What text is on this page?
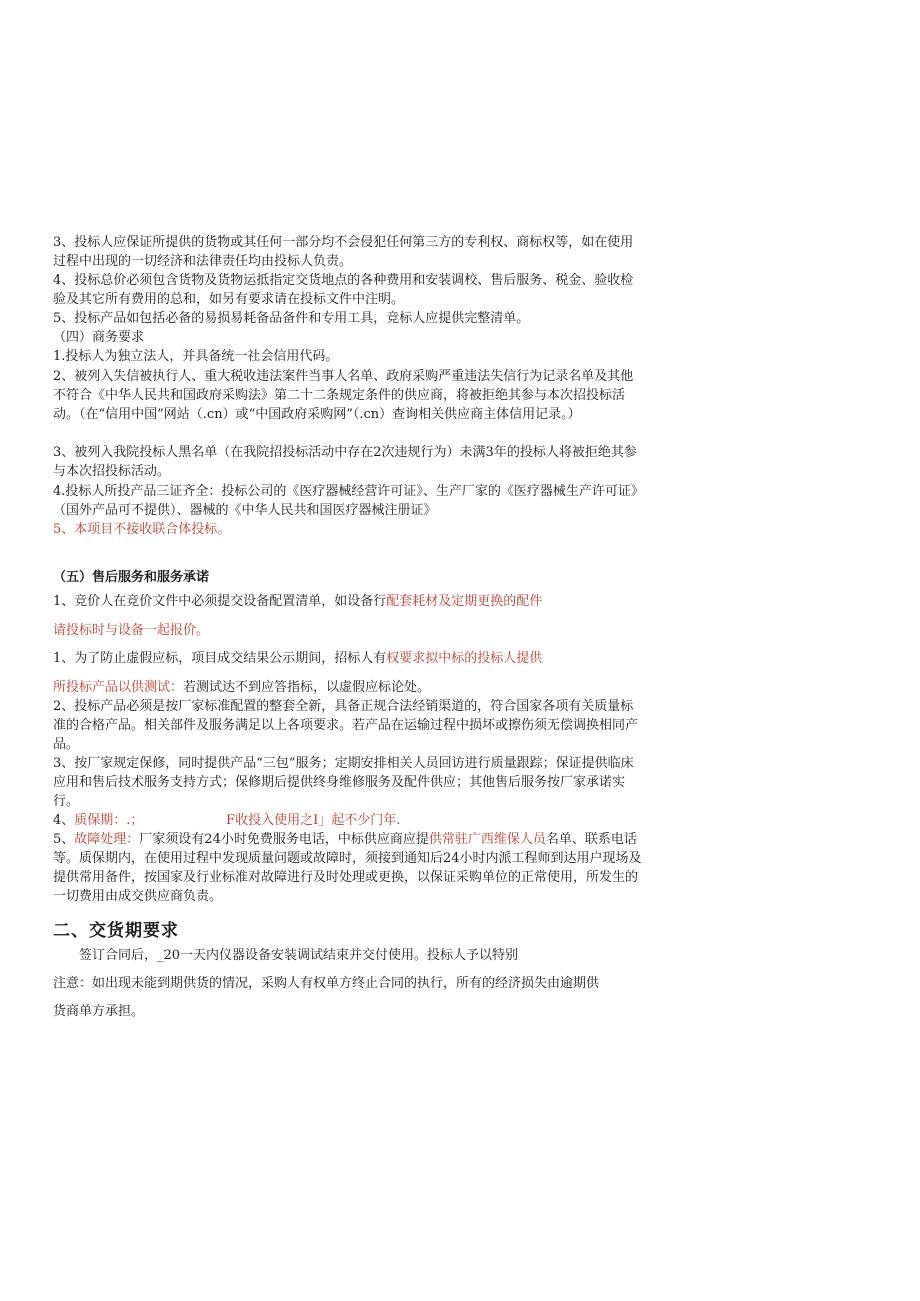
3、投标人应保证所提供的货物或其任何一部分均不会侵犯任何第三方的专利权、商标权等，如在使用过程中出现的一切经济和法律责任均由投标人负责。

4、投标总价必须包含货物及货物运抵指定交货地点的各种费用和安装调校、售后服务、税金、验收检验及其它所有费用的总和，如另有要求请在投标文件中注明。

5、投标产品如包括必备的易损易耗备品备件和专用工具，竞标人应提供完整清单。

（四）商务要求

1.投标人为独立法人，并具备统一社会信用代码。

2、被列入失信被执行人、重大税收违法案件当事人名单、政府采购严重违法失信行为记录名单及其他不符合《中华人民共和国政府采购法》第二十二条规定条件的供应商，将被拒绝其参与本次招投标活动。（在“信用中国”网站（.cn）或“中国政府采购网”（.cn）查询相关供应商主体信用记录。）

3、被列入我院投标人黑名单（在我院招投标活动中存在2次违规行为）未满3年的投标人将被拒绝其参与本次招投标活动。

4.投标人所投产品三证齐全：投标公司的《医疗器械经营许可证》、生产厂家的《医疗器械生产许可证》（国外产品可不提供）、器械的《中华人民共和国医疗器械注册证》

5、本项目不接收联合体投标。

（五）售后服务和服务承诺

1、竞价人在竞价文件中必须提交设备配置清单，如设备行配套耗材及定期更换的配件

请投标时与设备一起报价。

1、为了防止虚假应标，项目成交结果公示期间，招标人有权要求拟中标的投标人提供

所投标产品以供测试：若测试达不到应答指标，以虚假应标论处。

2、投标产品必须是按厂家标准配置的整套全新，具备正规合法经销渠道的，符合国家各项有关质量标准的合格产品。相关部件及服务满足以上各项要求。若产品在运输过程中损坏或擦伤须无偿调换相同产品。

3、按厂家规定保修，同时提供产品“三包”服务；定期安排相关人员回访进行质量跟踪；保证提供临床应用和售后技术服务支持方式；保修期后提供终身维修服务及配件供应；其他售后服务按厂家承诺实行。

4、质保期：.；                    F收投入使用之Ⅰ」起不少门年.

5、故障处理：厂家须设有24小时免费服务电话，中标供应商应提供常驻广西维保人员名单、联系电话等。质保期内，在使用过程中发现质量问题或故障时，须接到通知后24小时内派工程师到达用户现场及提供常用备件，按国家及行业标准对故障进行及时处理或更换，以保证采购单位的正常使用，所发生的一切费用由成交供应商负责。

二、交货期要求

签订合同后，_20一天内仪器设备安装调试结束并交付使用。投标人予以特别

注意：如出现未能到期供货的情况，采购人有权单方终止合同的执行，所有的经济损失由逾期供

货商单方承担。
